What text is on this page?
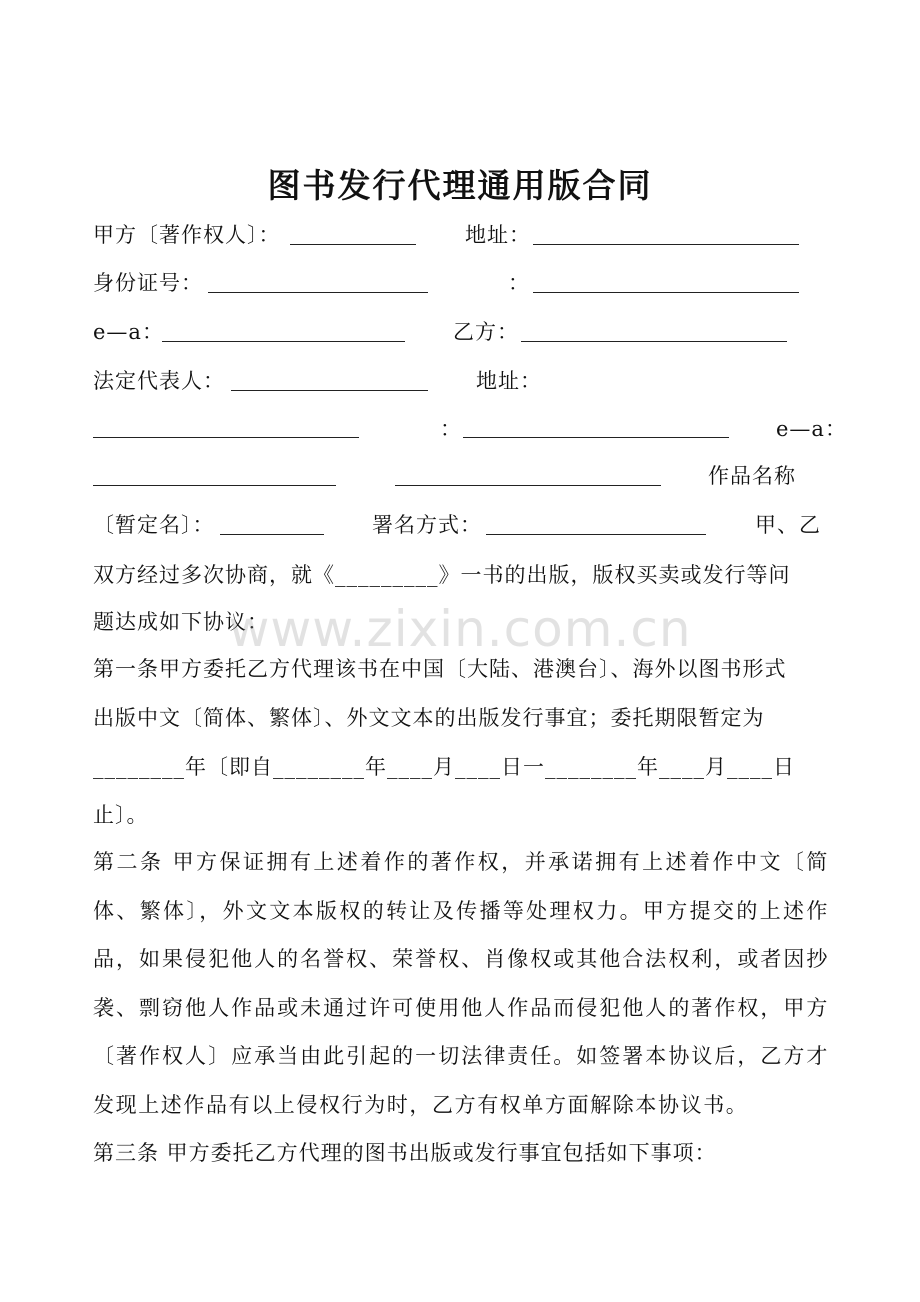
图书发行代理通用版合同
甲方〔著作权人〕：	地址：
身份证号：	：
e—a：	乙方：
法定代表人：	地址：
：	e—a：
作品名称
〔暂定名〕：	署名方式：	甲、乙
双方经过多次协商，就《_________》一书的出版，版权买卖或发行等问
题达成如下协议：
第一条甲方委托乙方代理该书在中国〔大陆、港澳台〕、海外以图书形式
出版中文〔简体、繁体〕、外文文本的出版发行事宜；委托期限暂定为
________年〔即自________年____月____日一________年____月____日
止〕。

第二条 甲方保证拥有上述着作的著作权，并承诺拥有上述着作中文〔简体、繁体〕，外文文本版权的转让及传播等处理权力。甲方提交的上述作品，如果侵犯他人的名誉权、荣誉权、肖像权或其他合法权利，或者因抄袭、剽窃他人作品或未通过许可使用他人作品而侵犯他人的著作权，甲方〔著作权人〕应承当由此引起的一切法律责任。如签署本协议后，乙方才发现上述作品有以上侵权行为时，乙方有权单方面解除本协议书。

第三条 甲方委托乙方代理的图书出版或发行事宜包括如下事项：
www.zixin.com.cn
